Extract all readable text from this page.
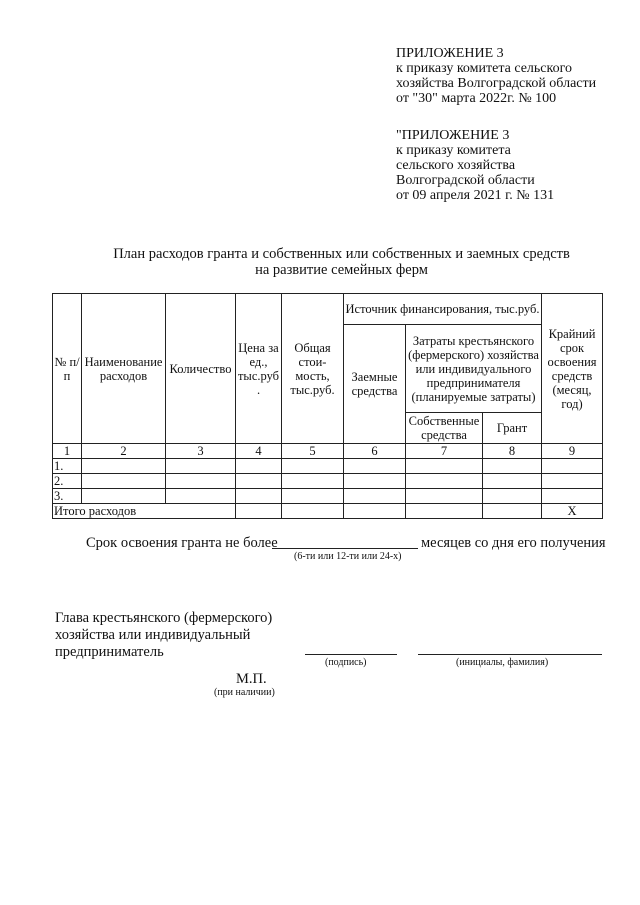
ПРИЛОЖЕНИЕ 3
к приказу комитета сельского
хозяйства Волгоградской области
от "30" марта 2022г. № 100
"ПРИЛОЖЕНИЕ 3
к приказу комитета
сельского хозяйства
Волгоградской области
от 09 апреля 2021 г. № 131
План расходов гранта и собственных или собственных и заемных средств
на развитие семейных ферм
№ п/п	Наименование расходов	Количество	Цена за ед., тыс.руб .	Общая стои- мость, тыс.руб.	Источник финансирования, тыс.руб.			Крайний срок освоения средств (месяц, год)
					Заемные средства	Затраты крестьянского (фермерского) хозяйства или индивидуального предпринимателя (планируемые затраты)		
						Собственные средства	Грант	
1	2	3	4	5	6	7	8	9
1.								
2.								
3.								
Итого расходов								Х
Срок освоения гранта не более	месяцев со дня его получения
(6-ти или 12-ти или 24-х)
Глава крестьянского (фермерского)
хозяйства или индивидуальный
предприниматель
(подпись)	(инициалы, фамилия)
М.П.
(при наличии)
